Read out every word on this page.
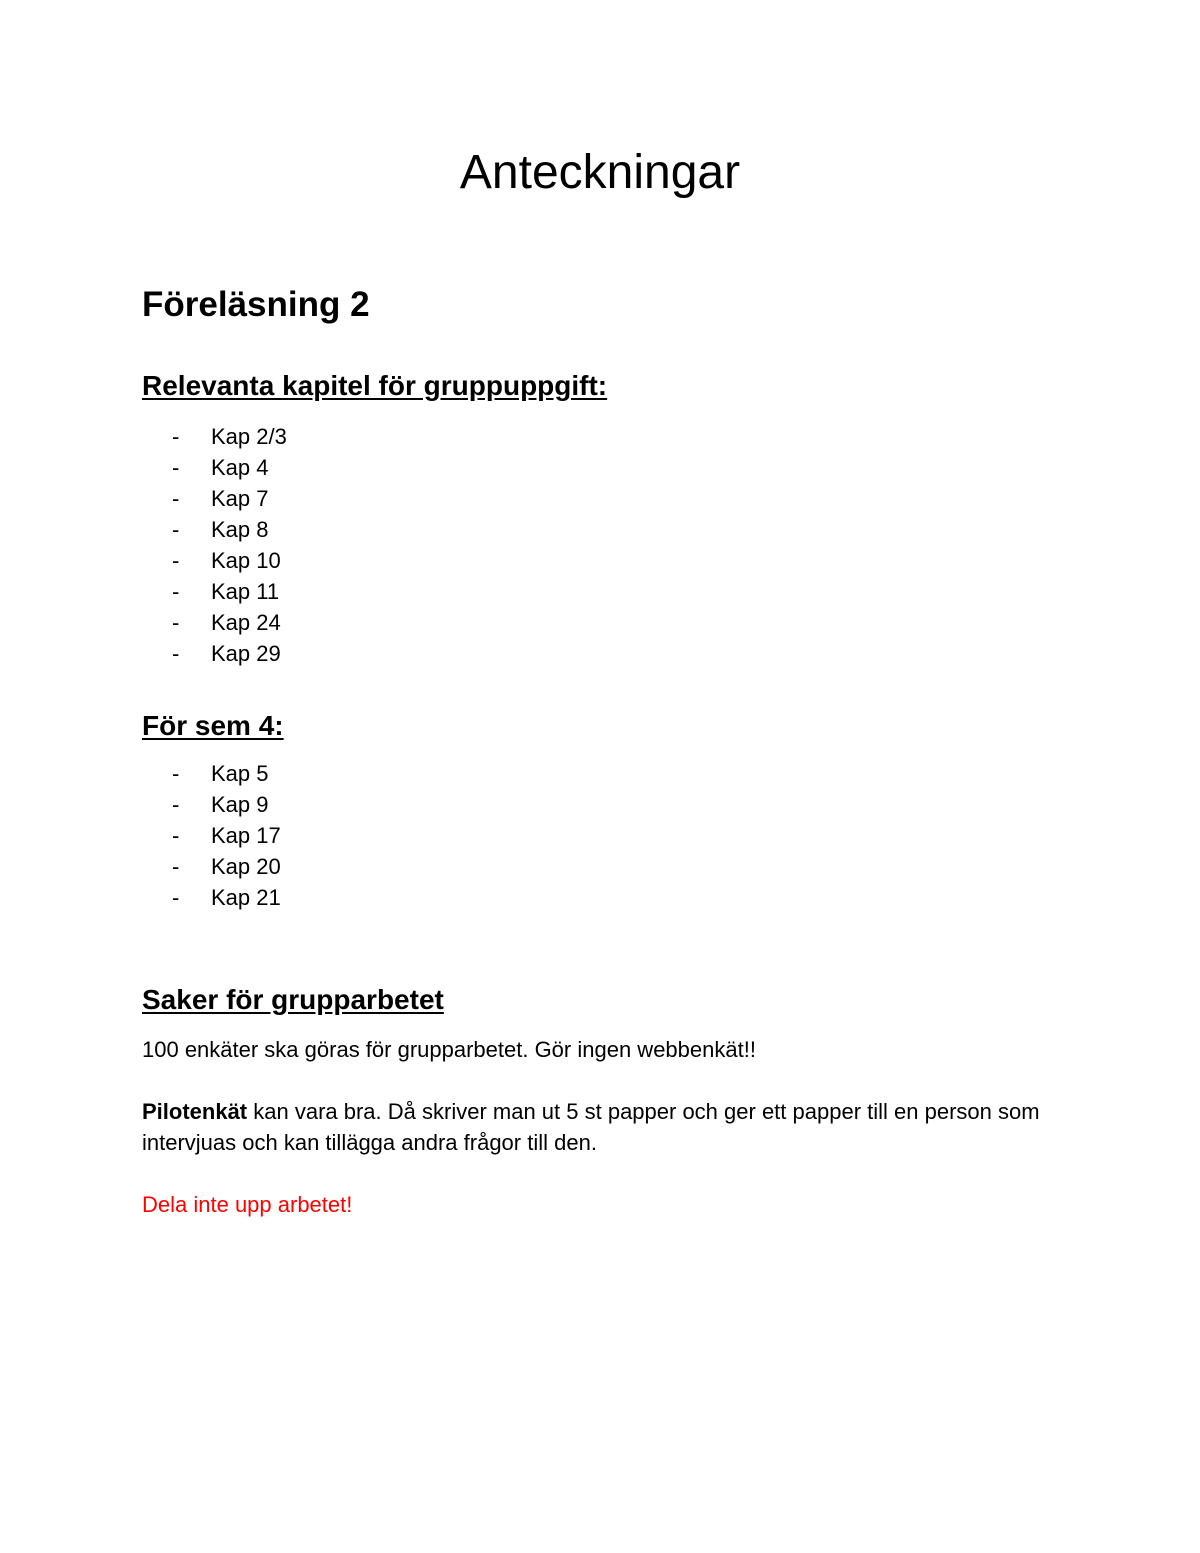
Anteckningar
Föreläsning 2
Relevanta kapitel för gruppuppgift:
- Kap 2/3
- Kap 4
- Kap 7
- Kap 8
- Kap 10
- Kap 11
- Kap 24
- Kap 29
För sem 4:
- Kap 5
- Kap 9
- Kap 17
- Kap 20
- Kap 21
Saker för grupparbetet

100 enkäter ska göras för grupparbetet. Gör ingen webbenkät!!

Pilotenkät kan vara bra. Då skriver man ut 5 st papper och ger ett papper till en person som intervjuas och kan tillägga andra frågor till den.

Dela inte upp arbetet!
